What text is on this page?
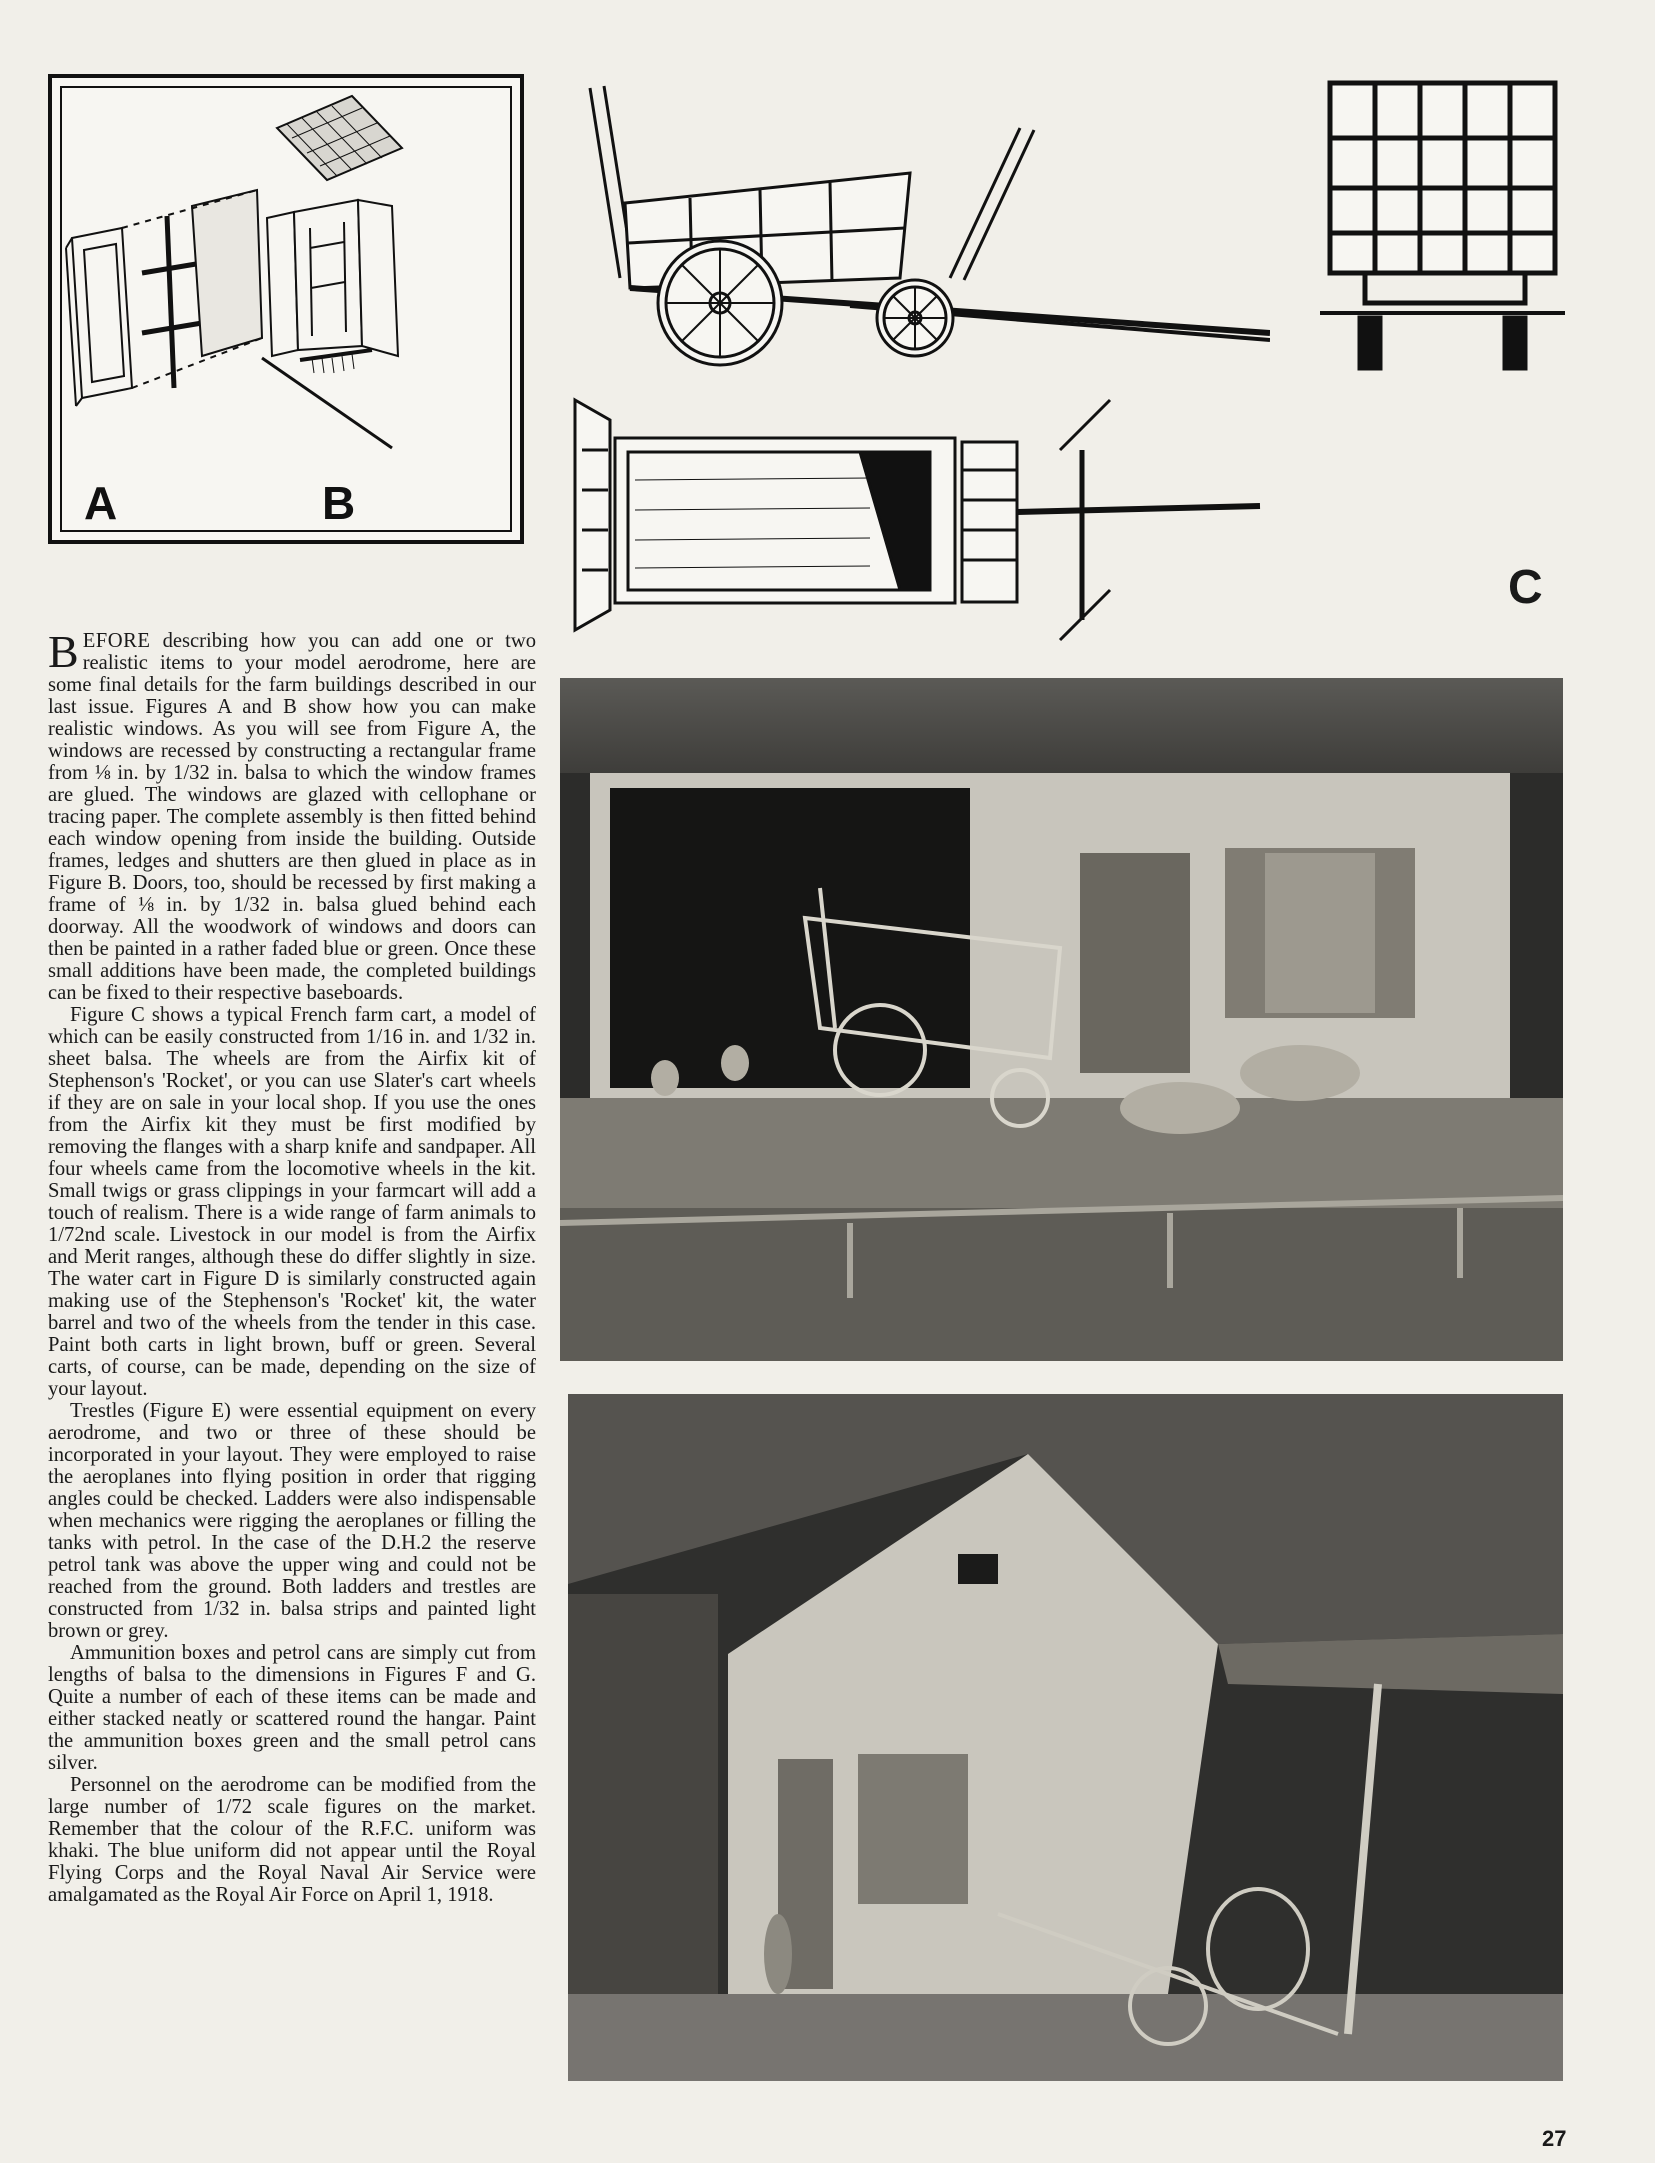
A	B
C

BEFORE describing how you can add one or two realistic items to your model aerodrome, here are some final details for the farm buildings described in our last issue. Figures A and B show how you can make realistic windows. As you will see from Figure A, the windows are recessed by constructing a rectangular frame from ⅛ in. by 1/32 in. balsa to which the window frames are glued. The windows are glazed with cellophane or tracing paper. The complete assembly is then fitted behind each window opening from inside the building. Outside frames, ledges and shutters are then glued in place as in Figure B. Doors, too, should be recessed by first making a frame of ⅛ in. by 1/32 in. balsa glued behind each doorway. All the woodwork of windows and doors can then be painted in a rather faded blue or green. Once these small additions have been made, the completed buildings can be fixed to their respective baseboards.

Figure C shows a typical French farm cart, a model of which can be easily constructed from 1/16 in. and 1/32 in. sheet balsa. The wheels are from the Airfix kit of Stephenson's 'Rocket', or you can use Slater's cart wheels if they are on sale in your local shop. If you use the ones from the Airfix kit they must be first modified by removing the flanges with a sharp knife and sandpaper. All four wheels came from the locomotive wheels in the kit. Small twigs or grass clippings in your farmcart will add a touch of realism. There is a wide range of farm animals to 1/72nd scale. Livestock in our model is from the Airfix and Merit ranges, although these do differ slightly in size. The water cart in Figure D is similarly constructed again making use of the Stephenson's 'Rocket' kit, the water barrel and two of the wheels from the tender in this case. Paint both carts in light brown, buff or green. Several carts, of course, can be made, depending on the size of your layout.

Trestles (Figure E) were essential equipment on every aerodrome, and two or three of these should be incorporated in your layout. They were employed to raise the aeroplanes into flying position in order that rigging angles could be checked. Ladders were also indispensable when mechanics were rigging the aeroplanes or filling the tanks with petrol. In the case of the D.H.2 the reserve petrol tank was above the upper wing and could not be reached from the ground. Both ladders and trestles are constructed from 1/32 in. balsa strips and painted light brown or grey.

Ammunition boxes and petrol cans are simply cut from lengths of balsa to the dimensions in Figures F and G. Quite a number of each of these items can be made and either stacked neatly or scattered round the hangar. Paint the ammunition boxes green and the small petrol cans silver.

Personnel on the aerodrome can be modified from the large number of 1/72 scale figures on the market. Remember that the colour of the R.F.C. uniform was khaki. The blue uniform did not appear until the Royal Flying Corps and the Royal Naval Air Service were amalgamated as the Royal Air Force on April 1, 1918.

27
